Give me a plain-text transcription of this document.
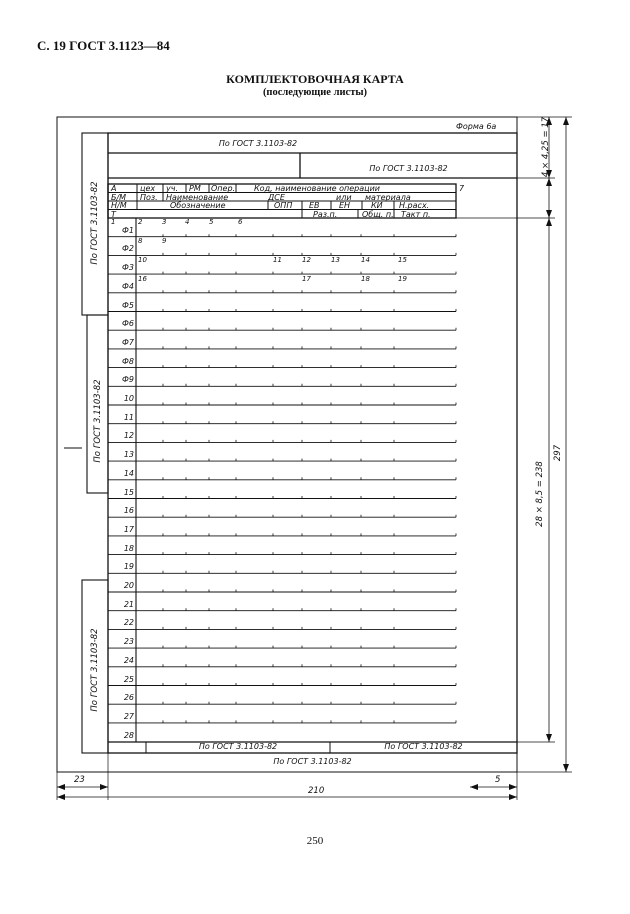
С. 19 ГОСТ 3.1123—84
КОМПЛЕКТОВОЧНАЯ КАРТА
(последующие листы)
Форма 6а
По ГОСТ 3.1103-82
По ГОСТ 3.1103-82
А	цех уч. РМ Опер. Код, наименование операции	7
Б/М Поз. Наименование	ДСЕ	или материала
Н/М	Обозначение	ОПП ЕВ ЕН	КИ Н.расх.
Т	Раз.п.	Общ. п. Такт п.
1	2	3	4	5	6
8	9
10	11	12	13	14	15
16	17	18	19
Ф1
Ф2
Ф3
Ф4
Ф5
Ф6
Ф7
Ф8
Ф9
10
11
12
13
14
15
16
17
18
19
20
21
22
23
24
25
26
27
28
По ГОСТ 3.1103-82	По ГОСТ 3.1103-82
По ГОСТ 3.1103-82
По ГОСТ 3.1103-82
По ГОСТ 3.1103-82
По ГОСТ 3.1103-82
4 × 4,25 = 17
28 × 8,5 = 238
297
23	5
210
250
